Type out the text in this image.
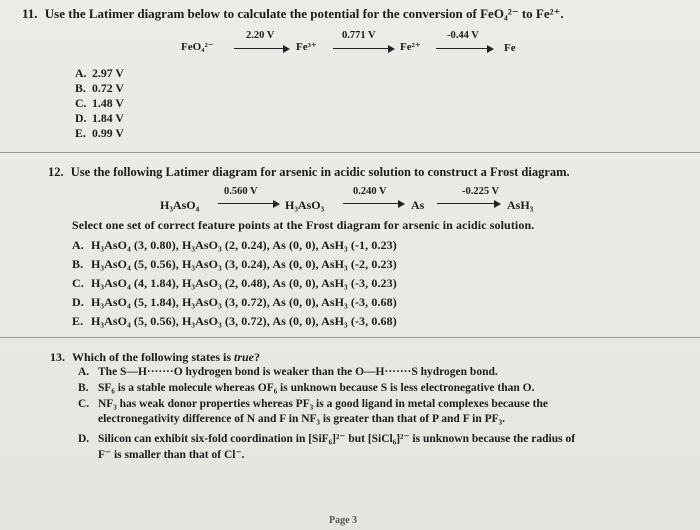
11. Use the Latimer diagram below to calculate the potential for the conversion of FeO₄²⁻ to Fe²⁺.
FeO₄²⁻
2.20 V
Fe³⁺
0.771 V
Fe²⁺
-0.44 V
Fe
A. 2.97 V
B. 0.72 V
C. 1.48 V
D. 1.84 V
E. 0.99 V
12. Use the following Latimer diagram for arsenic in acidic solution to construct a Frost diagram.
H₃AsO₄
0.560 V
H₃AsO₃
0.240 V
As
-0.225 V
AsH₃
Select one set of correct feature points at the Frost diagram for arsenic in acidic solution.
A. H₃AsO₄ (3, 0.80), H₃AsO₃ (2, 0.24), As (0, 0), AsH₃ (-1, 0.23)
B. H₃AsO₄ (5, 0.56), H₃AsO₃ (3, 0.24), As (0, 0), AsH₃ (-2, 0.23)
C. H₃AsO₄ (4, 1.84), H₃AsO₃ (2, 0.48), As (0, 0), AsH₃ (-3, 0.23)
D. H₃AsO₄ (5, 1.84), H₃AsO₃ (3, 0.72), As (0, 0), AsH₃ (-3, 0.68)
E. H₃AsO₄ (5, 0.56), H₃AsO₃ (3, 0.72), As (0, 0), AsH₃ (-3, 0.68)
13. Which of the following states is true?
A. The S—H·······O hydrogen bond is weaker than the O—H·······S hydrogen bond.
B. SF₆ is a stable molecule whereas OF₆ is unknown because S is less electronegative than O.
C. NF₃ has weak donor properties whereas PF₃ is a good ligand in metal complexes because the
electronegativity difference of N and F in NF₃ is greater than that of P and F in PF₃.
D. Silicon can exhibit six-fold coordination in [SiF₆]²⁻ but [SiCl₆]²⁻ is unknown because the radius of
F⁻ is smaller than that of Cl⁻.
Page 3
